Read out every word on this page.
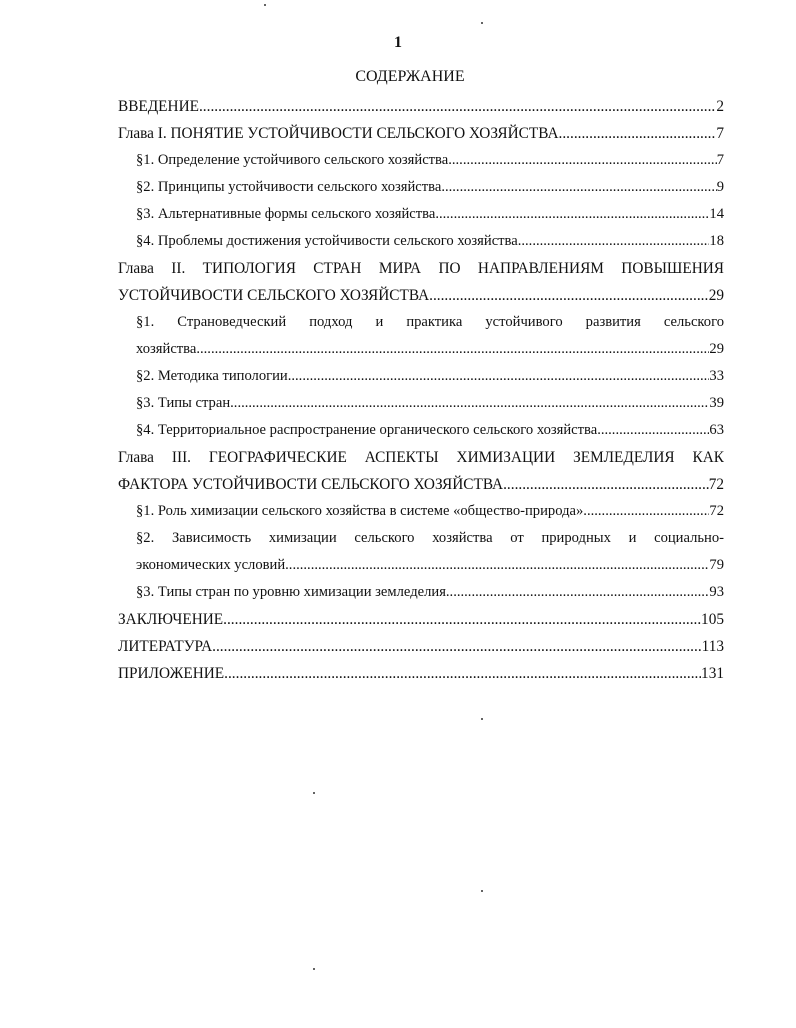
1
СОДЕРЖАНИЕ
ВВЕДЕНИЕ .....	2
Глава I. ПОНЯТИЕ УСТОЙЧИВОСТИ СЕЛЬСКОГО ХОЗЯЙСТВА .....	7
§1. Определение устойчивого сельского хозяйства .....	7
§2. Принципы устойчивости сельского хозяйства .....	9
§3. Альтернативные формы сельского хозяйства .....	14
§4. Проблемы достижения устойчивости сельского хозяйства .....	18
Глава II. ТИПОЛОГИЯ СТРАН МИРА ПО НАПРАВЛЕНИЯМ ПОВЫШЕНИЯ
УСТОЙЧИВОСТИ СЕЛЬСКОГО ХОЗЯЙСТВА .....	29
§1. Страноведческий подход и практика устойчивого развития сельского
хозяйства .....	29
§2. Методика типологии .....	33
§3. Типы стран .....	39
§4. Территориальное распространение органического сельского хозяйства .....	63
Глава III. ГЕОГРАФИЧЕСКИЕ АСПЕКТЫ ХИМИЗАЦИИ ЗЕМЛЕДЕЛИЯ КАК
ФАКТОРА УСТОЙЧИВОСТИ СЕЛЬСКОГО ХОЗЯЙСТВА .....	72
§1. Роль химизации сельского хозяйства в системе «общество-природа» .....	72
§2. Зависимость химизации сельского хозяйства от природных и социально-
экономических условий .....	79
§3. Типы стран по уровню химизации земледелия .....	93
ЗАКЛЮЧЕНИЕ .....	105
ЛИТЕРАТУРА .....	113
ПРИЛОЖЕНИЕ .....	131
